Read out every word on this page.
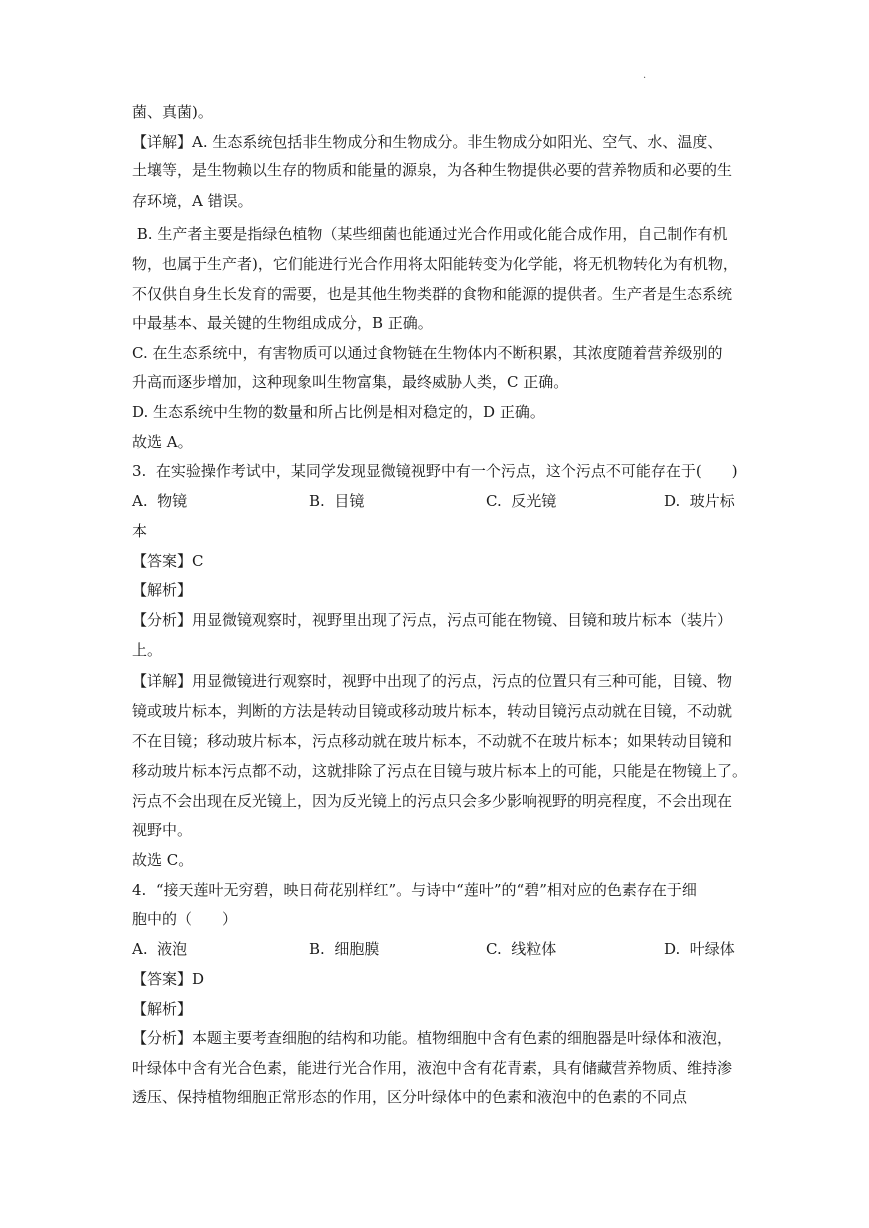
.
菌、真菌)。
【详解】A. 生态系统包括非生物成分和生物成分。非生物成分如阳光、空气、水、温度、
土壤等，是生物赖以生存的物质和能量的源泉，为各种生物提供必要的营养物质和必要的生
存环境，A 错误。
B. 生产者主要是指绿色植物（某些细菌也能通过光合作用或化能合成作用，自己制作有机
物，也属于生产者)，它们能进行光合作用将太阳能转变为化学能，将无机物转化为有机物，
不仅供自身生长发育的需要，也是其他生物类群的食物和能源的提供者。生产者是生态系统
中最基本、最关键的生物组成成分，B 正确。
C. 在生态系统中，有害物质可以通过食物链在生物体内不断积累，其浓度随着营养级别的
升高而逐步增加，这种现象叫生物富集，最终威胁人类，C 正确。
D. 生态系统中生物的数量和所占比例是相对稳定的，D 正确。
故选 A。
3.  在实验操作考试中，某同学发现显微镜视野中有一个污点，这个污点不可能存在于(　　)
A.  物镜	B.  目镜	C.  反光镜	D.  玻片标
本
【答案】C
【解析】
【分析】用显微镜观察时，视野里出现了污点，污点可能在物镜、目镜和玻片标本（装片）
上。
【详解】用显微镜进行观察时，视野中出现了的污点，污点的位置只有三种可能，目镜、物
镜或玻片标本，判断的方法是转动目镜或移动玻片标本，转动目镜污点动就在目镜，不动就
不在目镜；移动玻片标本，污点移动就在玻片标本，不动就不在玻片标本；如果转动目镜和
移动玻片标本污点都不动，这就排除了污点在目镜与玻片标本上的可能，只能是在物镜上了。
污点不会出现在反光镜上，因为反光镜上的污点只会多少影响视野的明亮程度，不会出现在
视野中。
故选 C。
4.  “接天莲叶无穷碧，映日荷花别样红”。与诗中“莲叶”的“碧”相对应的色素存在于细
胞中的（　　）
A.  液泡	B.  细胞膜	C.  线粒体	D.  叶绿体
【答案】D
【解析】
【分析】本题主要考查细胞的结构和功能。植物细胞中含有色素的细胞器是叶绿体和液泡，
叶绿体中含有光合色素，能进行光合作用，液泡中含有花青素，具有储藏营养物质、维持渗
透压、保持植物细胞正常形态的作用，区分叶绿体中的色素和液泡中的色素的不同点
